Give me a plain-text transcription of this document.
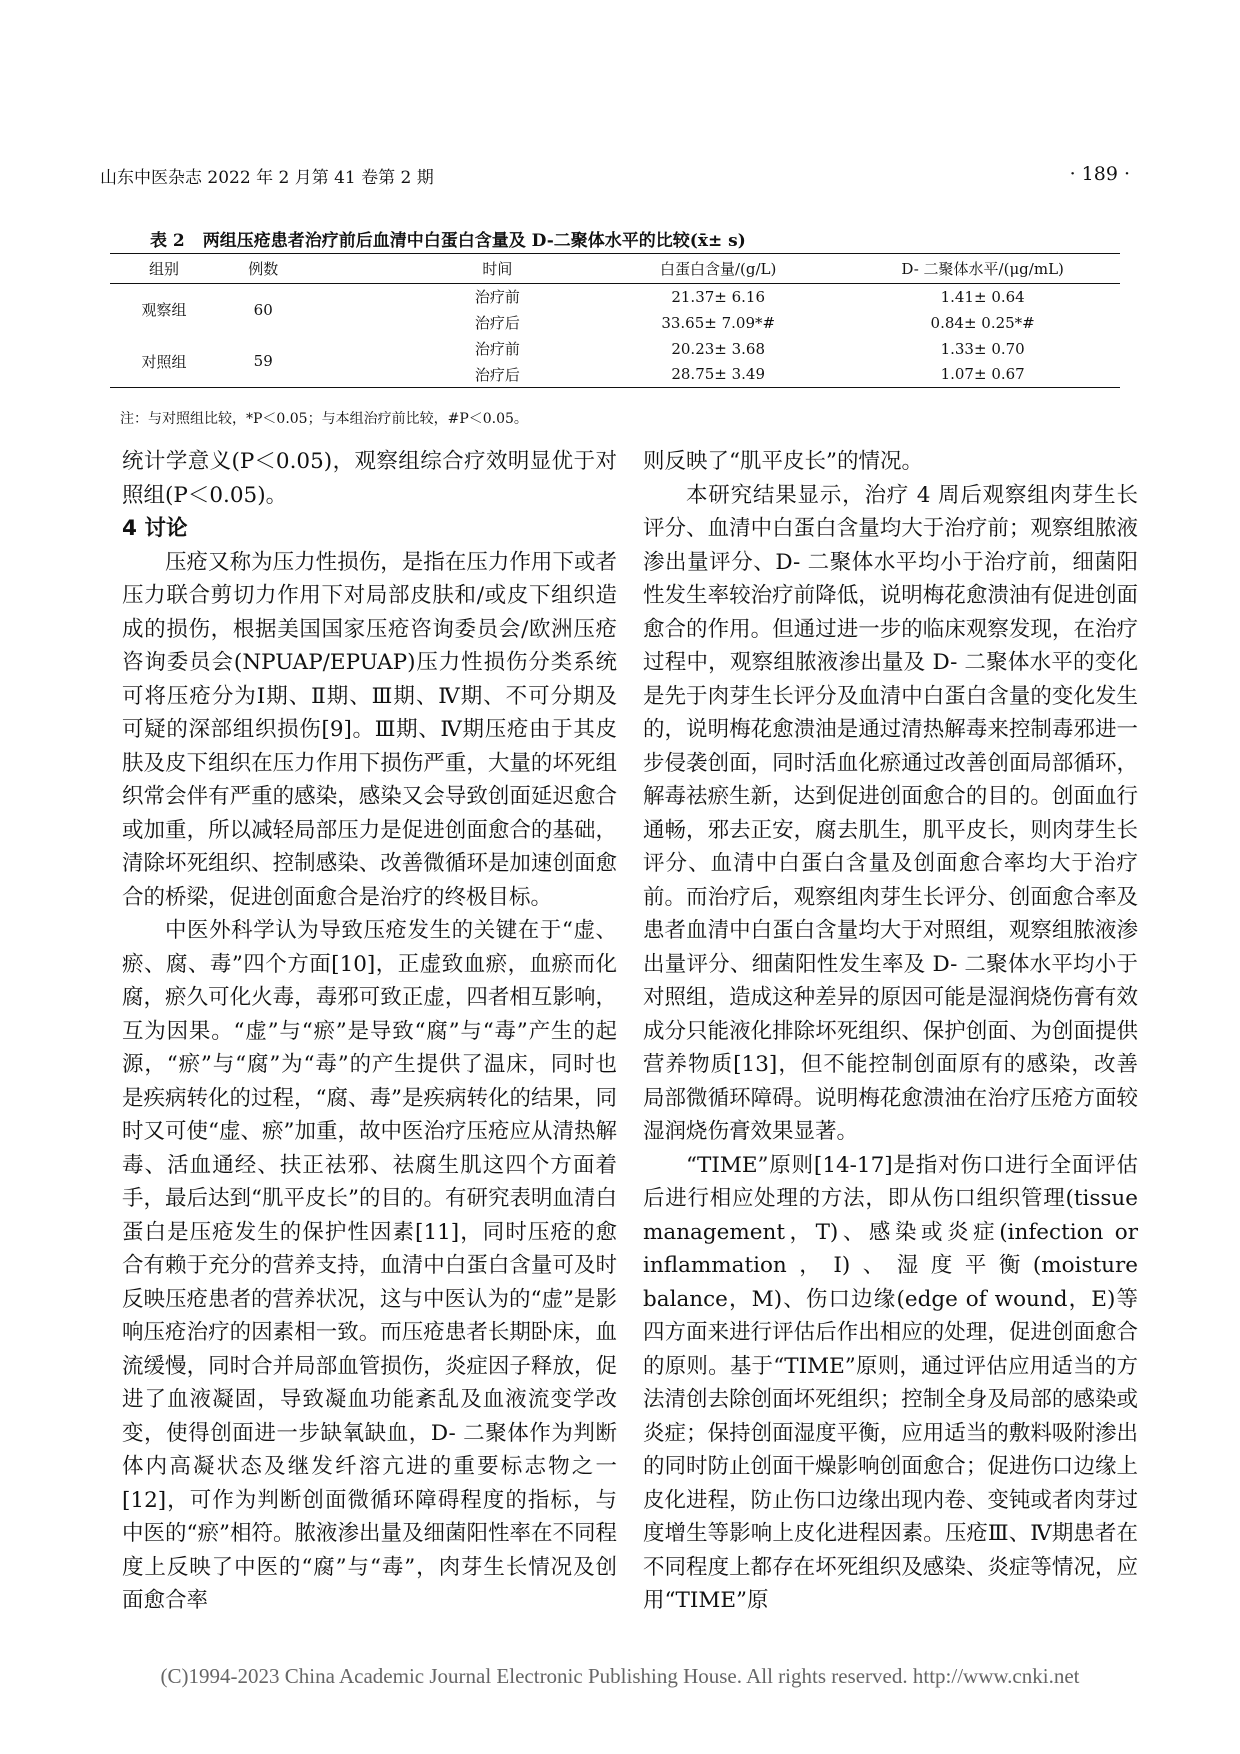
山东中医杂志 2022 年 2 月第 41 卷第 2 期	· 189 ·
表 2 两组压疮患者治疗前后血清中白蛋白含量及 D-二聚体水平的比较(x̄± s)
组别	例数	时间	白蛋白含量/(g/L)	D- 二聚体水平/(μg/mL)
观察组	60	治疗前	21.37± 6.16	1.41± 0.64
		治疗后	33.65± 7.09*#	0.84± 0.25*#
对照组	59	治疗前	20.23± 3.68	1.33± 0.70
		治疗后	28.75± 3.49	1.07± 0.67
注：与对照组比较，*P＜0.05；与本组治疗前比较，#P＜0.05。

统计学意义(P＜0.05)，观察组综合疗效明显优于对照组(P＜0.05)。

4 讨论

压疮又称为压力性损伤，是指在压力作用下或者压力联合剪切力作用下对局部皮肤和/或皮下组织造成的损伤，根据美国国家压疮咨询委员会/欧洲压疮咨询委员会(NPUAP/EPUAP)压力性损伤分类系统可将压疮分为Ⅰ期、Ⅱ期、Ⅲ期、Ⅳ期、不可分期及可疑的深部组织损伤[9]。Ⅲ期、Ⅳ期压疮由于其皮肤及皮下组织在压力作用下损伤严重，大量的坏死组织常会伴有严重的感染，感染又会导致创面延迟愈合或加重，所以减轻局部压力是促进创面愈合的基础，清除坏死组织、控制感染、改善微循环是加速创面愈合的桥梁，促进创面愈合是治疗的终极目标。

中医外科学认为导致压疮发生的关键在于“虚、瘀、腐、毒”四个方面[10]，正虚致血瘀，血瘀而化腐，瘀久可化火毒，毒邪可致正虚，四者相互影响，互为因果。“虚”与“瘀”是导致“腐”与“毒”产生的起源，“瘀”与“腐”为“毒”的产生提供了温床，同时也是疾病转化的过程，“腐、毒”是疾病转化的结果，同时又可使“虚、瘀”加重，故中医治疗压疮应从清热解毒、活血通经、扶正祛邪、祛腐生肌这四个方面着手，最后达到“肌平皮长”的目的。有研究表明血清白蛋白是压疮发生的保护性因素[11]，同时压疮的愈合有赖于充分的营养支持，血清中白蛋白含量可及时反映压疮患者的营养状况，这与中医认为的“虚”是影响压疮治疗的因素相一致。而压疮患者长期卧床，血流缓慢，同时合并局部血管损伤，炎症因子释放，促进了血液凝固，导致凝血功能紊乱及血液流变学改变，使得创面进一步缺氧缺血，D- 二聚体作为判断体内高凝状态及继发纤溶亢进的重要标志物之一[12]，可作为判断创面微循环障碍程度的指标，与中医的“瘀”相符。脓液渗出量及细菌阳性率在不同程度上反映了中医的“腐”与“毒”，肉芽生长情况及创面愈合率

则反映了“肌平皮长”的情况。

本研究结果显示，治疗 4 周后观察组肉芽生长评分、血清中白蛋白含量均大于治疗前；观察组脓液渗出量评分、D- 二聚体水平均小于治疗前，细菌阳性发生率较治疗前降低，说明梅花愈溃油有促进创面愈合的作用。但通过进一步的临床观察发现，在治疗过程中，观察组脓液渗出量及 D- 二聚体水平的变化是先于肉芽生长评分及血清中白蛋白含量的变化发生的，说明梅花愈溃油是通过清热解毒来控制毒邪进一步侵袭创面，同时活血化瘀通过改善创面局部循环，解毒祛瘀生新，达到促进创面愈合的目的。创面血行通畅，邪去正安，腐去肌生，肌平皮长，则肉芽生长评分、血清中白蛋白含量及创面愈合率均大于治疗前。而治疗后，观察组肉芽生长评分、创面愈合率及患者血清中白蛋白含量均大于对照组，观察组脓液渗出量评分、细菌阳性发生率及 D- 二聚体水平均小于对照组，造成这种差异的原因可能是湿润烧伤膏有效成分只能液化排除坏死组织、保护创面、为创面提供营养物质[13]，但不能控制创面原有的感染，改善局部微循环障碍。说明梅花愈溃油在治疗压疮方面较湿润烧伤膏效果显著。

“TIME”原则[14-17]是指对伤口进行全面评估后进行相应处理的方法，即从伤口组织管理(tissue management，T)、感染或炎症(infection or inflammation，I)、湿度平衡(moisture balance，M)、伤口边缘(edge of wound，E)等四方面来进行评估后作出相应的处理，促进创面愈合的原则。基于“TIME”原则，通过评估应用适当的方法清创去除创面坏死组织；控制全身及局部的感染或炎症；保持创面湿度平衡，应用适当的敷料吸附渗出的同时防止创面干燥影响创面愈合；促进伤口边缘上皮化进程，防止伤口边缘出现内卷、变钝或者肉芽过度增生等影响上皮化进程因素。压疮Ⅲ、Ⅳ期患者在不同程度上都存在坏死组织及感染、炎症等情况，应用“TIME”原

(C)1994-2023 China Academic Journal Electronic Publishing House. All rights reserved. http://www.cnki.net
